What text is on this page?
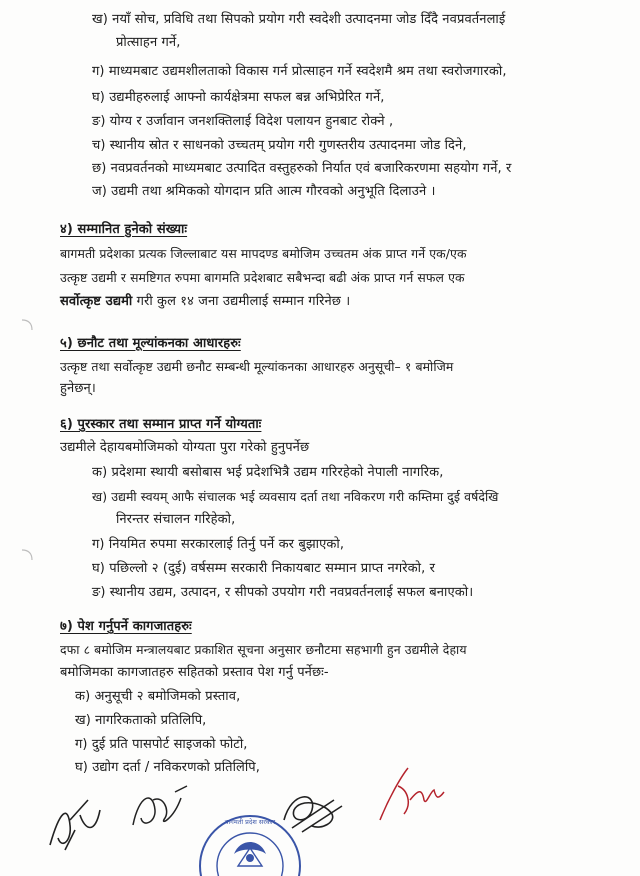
ख) नयाँ सोच, प्रविधि तथा सिपको प्रयोग गरी स्वदेशी उत्पादनमा जोड दिँदै नवप्रवर्तनलाई
प्रोत्साहन गर्ने,
ग) माध्यमबाट उद्यमशीलताको विकास गर्न प्रोत्साहन गर्ने स्वदेशमै श्रम तथा स्वरोजगारको,
घ) उद्यमीहरुलाई आफ्नो कार्यक्षेत्रमा सफल बन्न अभिप्रेरित गर्ने,
ङ) योग्य र उर्जावान जनशक्तिलाई विदेश पलायन हुनबाट रोक्ने ,
च) स्थानीय स्रोत र साधनको उच्चतम् प्रयोग गरी गुणस्तरीय उत्पादनमा जोड दिने,
छ) नवप्रवर्तनको माध्यमबाट उत्पादित वस्तुहरुको निर्यात एवं बजारिकरणमा सहयोग गर्ने, र
ज) उद्यमी तथा श्रमिकको योगदान प्रति आत्म गौरवको अनुभूति दिलाउने ।
४) सम्मानित हुनेको संख्याः
बागमती प्रदेशका प्रत्यक जिल्लाबाट यस मापदण्ड बमोजिम उच्चतम अंक प्राप्त गर्ने एक/एक
उत्कृष्ट उद्यमी र समष्टिगत रुपमा बागमति प्रदेशबाट सबैभन्दा बढी अंक प्राप्त गर्न सफल एक
सर्वोत्कृष्ट उद्यमी गरी कुल १४ जना उद्यमीलाई सम्मान गरिनेछ ।
५) छनौट तथा मूल्यांकनका आधारहरुः
उत्कृष्ट तथा सर्वोत्कृष्ट उद्यमी छनौट सम्बन्धी मूल्यांकनका आधारहरु अनुसूची– १ बमोजिम
हुनेछन्।
६) पुरस्कार तथा सम्मान प्राप्त गर्ने योग्यताः
उद्यमीले देहायबमोजिमको योग्यता पुरा गरेको हुनुपर्नेछ
क) प्रदेशमा स्थायी बसोबास भई प्रदेशभित्रै उद्यम गरिरहेको नेपाली नागरिक,
ख) उद्यमी स्वयम् आफै संचालक भई व्यवसाय दर्ता तथा नविकरण गरी कम्तिमा दुई वर्षदेखि
निरन्तर संचालन गरिहेको,
ग) नियमित रुपमा सरकारलाई तिर्नु पर्ने कर बुझाएको,
घ) पछिल्लो २ (दुई) वर्षसम्म सरकारी निकायबाट सम्मान प्राप्त नगरेको, र
ङ) स्थानीय उद्यम, उत्पादन, र सीपको उपयोग गरी नवप्रवर्तनलाई सफल बनाएको।
७) पेश गर्नुपर्ने कागजातहरुः
दफा ८ बमोजिम मन्त्रालयबाट प्रकाशित सूचना अनुसार छनौटमा सहभागी हुन उद्यमीले देहाय
बमोजिमका कागजातहरु सहितको प्रस्ताव पेश गर्नु पर्नेछः-
क) अनुसूची २ बमोजिमको प्रस्ताव,
ख) नागरिकताको प्रतिलिपि,
ग) दुई प्रति पासपोर्ट साइजको फोटो,
घ) उद्योग दर्ता / नविकरणको प्रतिलिपि,
बागमती प्रदेश सरकार
